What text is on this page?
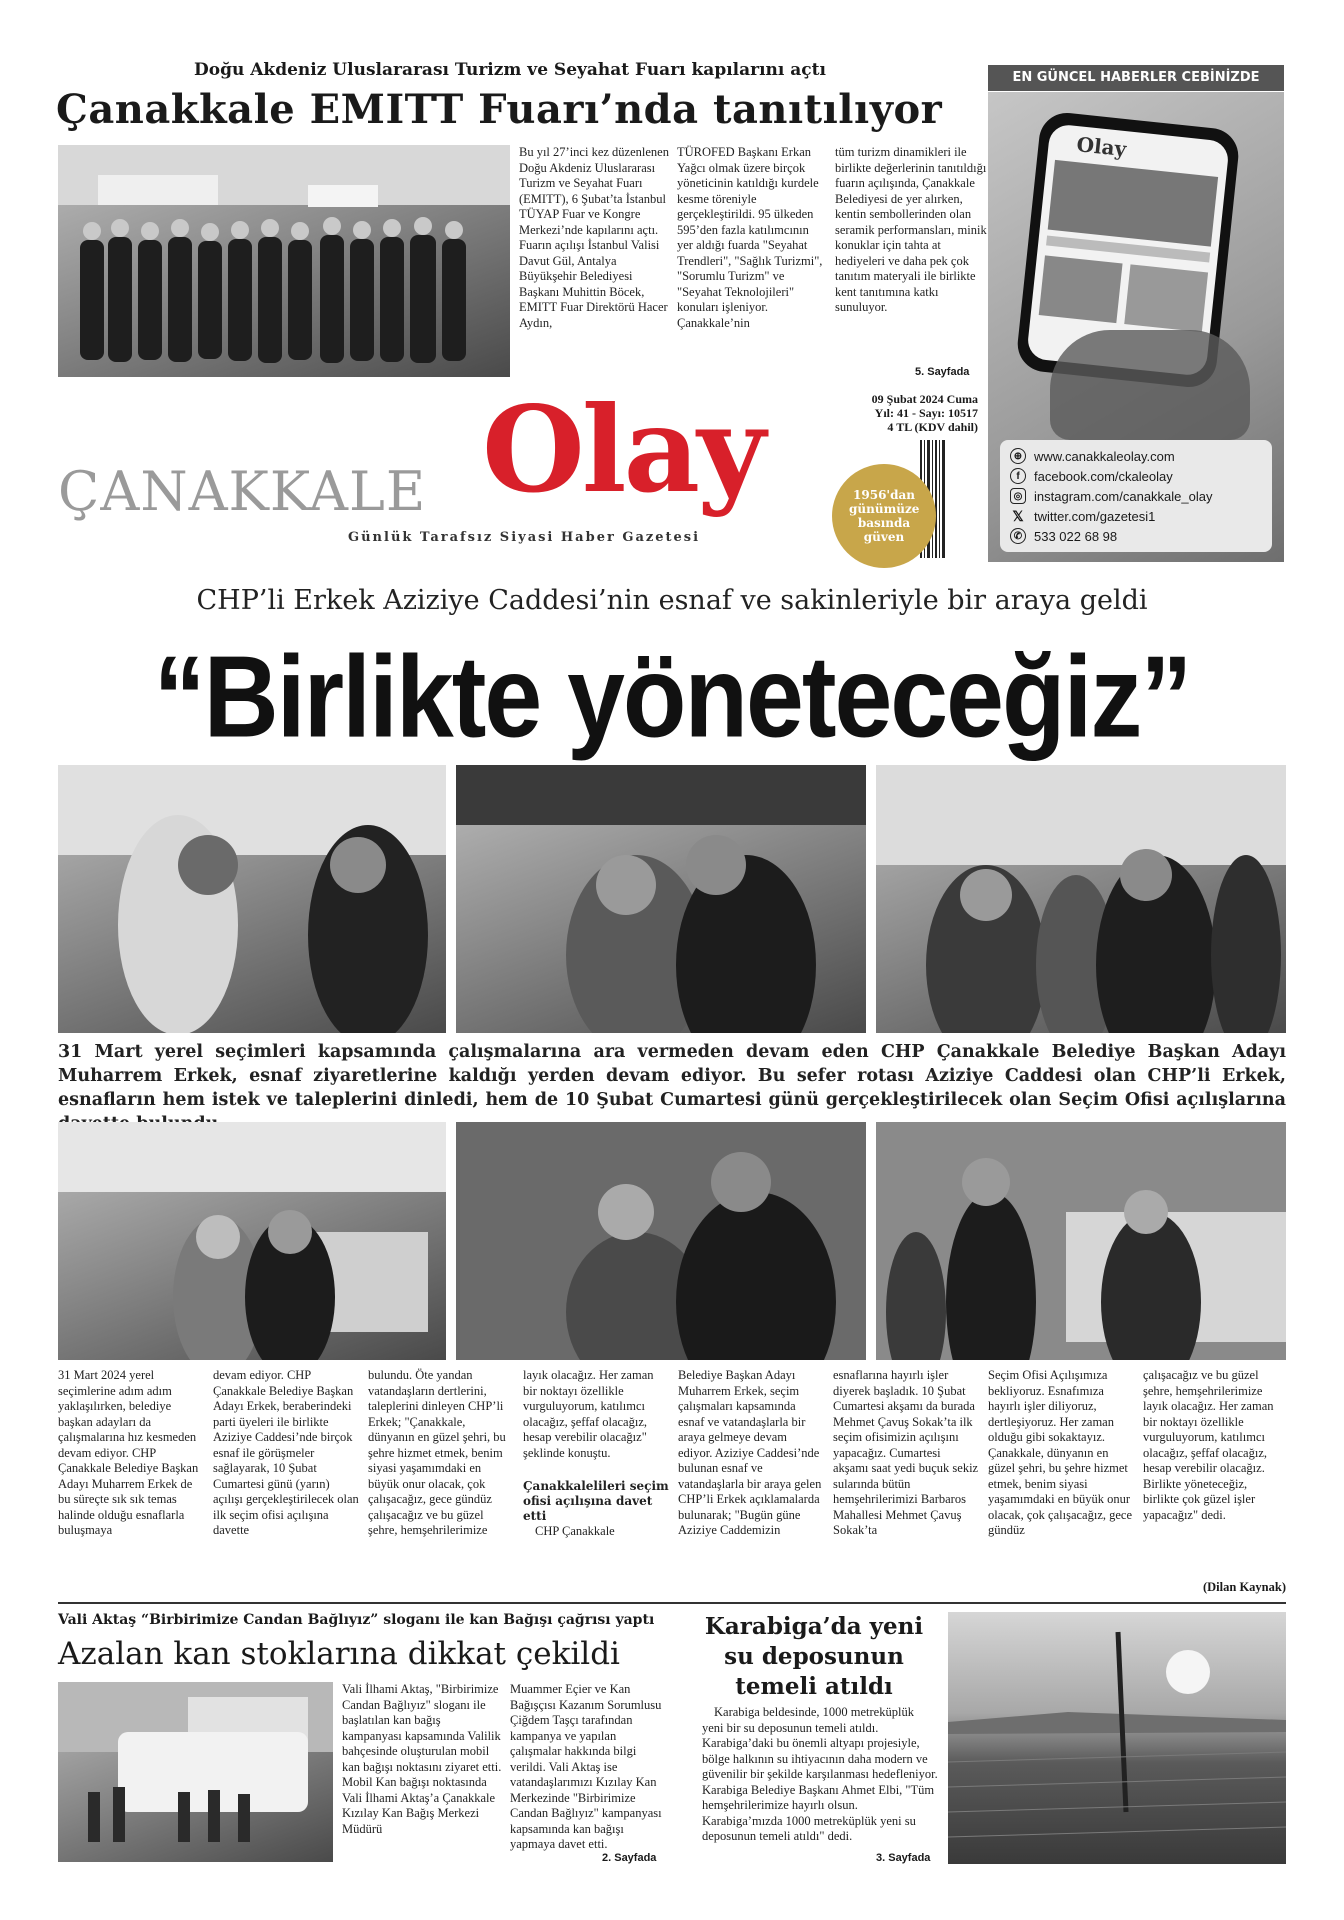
Doğu Akdeniz Uluslararası Turizm ve Seyahat Fuarı kapılarını açtı
Çanakkale EMITT Fuarı’nda tanıtılıyor
Bu yıl 27’inci kez düzenlenen Doğu Akdeniz Uluslararası Turizm ve Seyahat Fuarı (EMITT), 6 Şubat’ta İstanbul TÜYAP Fuar ve Kongre Merkezi’nde kapılarını açtı. Fuarın açılışı İstanbul Valisi Davut Gül, Antalya Büyükşehir Belediyesi Başkanı Muhittin Böcek, EMITT Fuar Direktörü Hacer Aydın,
TÜROFED Başkanı Erkan Yağcı olmak üzere birçok yöneticinin katıldığı kurdele kesme töreniyle gerçekleştirildi. 95 ülkeden 595’den fazla katılımcının yer aldığı fuarda "Seyahat Trendleri", "Sağlık Turizmi", "Sorumlu Turizm" ve "Seyahat Teknolojileri" konuları işleniyor. Çanakkale’nin
tüm turizm dinamikleri ile birlikte değerlerinin tanıtıldığı fuarın açılışında, Çanakkale Belediyesi de yer alırken, kentin sembollerinden olan seramik performansları, minik konuklar için tahta at hediyeleri ve daha pek çok tanıtım materyali ile birlikte kent tanıtımına katkı sunuluyor.
5. Sayfada
EN GÜNCEL HABERLER CEBİNİZDE
Olay
⊕ www.canakkaleolay.com
f	facebook.com/ckaleolay
◎ instagram.com/canakkale_olay
𝕏 twitter.com/gazetesi1
✆ 533 022 68 98
09 Şubat 2024 Cuma
Yıl: 41 - Sayı: 10517
4 TL (KDV dahil)
ÇANAKKALE Olay
Günlük Tarafsız Siyasi Haber Gazetesi
1956'dan günümüze basında güven
CHP’li Erkek Aziziye Caddesi’nin esnaf ve sakinleriyle bir araya geldi
“Birlikte yöneteceğiz”
31 Mart yerel seçimleri kapsamında çalışmalarına ara vermeden devam eden CHP Çanakkale Belediye Başkan Adayı Muharrem Erkek, esnaf ziyaretlerine kaldığı yerden devam ediyor. Bu sefer rotası Aziziye Caddesi olan CHP’li Erkek, esnafların hem istek ve taleplerini dinledi, hem de 10 Şubat Cumartesi günü gerçekleştirilecek olan Seçim Ofisi açılışlarına
31 Mart 2024 yerel seçimlerine adım adım yaklaşılırken, belediye başkan adayları da çalışmalarına hız kesmeden devam ediyor. CHP Çanakkale Belediye Başkan Adayı Muharrem Erkek de bu süreçte sık sık temas halinde olduğu esnaflarla buluşmaya
devam ediyor. CHP Çanakkale Belediye Başkan Adayı Erkek, beraberindeki parti üyeleri ile birlikte Aziziye Caddesi’nde birçok esnaf ile görüşmeler sağlayarak, 10 Şubat Cumartesi günü (yarın) açılışı gerçekleştirilecek olan ilk seçim ofisi açılışına davette
bulundu. Öte yandan vatandaşların dertlerini, taleplerini dinleyen CHP’li Erkek; "Çanakkale, dünyanın en güzel şehri, bu şehre hizmet etmek, benim siyasi yaşamımdaki en büyük onur olacak, çok çalışacağız, gece gündüz çalışacağız ve bu güzel şehre, hemşehrilerimize
layık olacağız. Her zaman bir noktayı özellikle vurguluyorum, katılımcı olacağız, şeffaf olacağız, hesap verebilir olacağız" şeklinde konuştu.
Çanakkalelileri seçim ofisi açılışına davet etti
CHP Çanakkale
Belediye Başkan Adayı Muharrem Erkek, seçim çalışmaları kapsamında esnaf ve vatandaşlarla bir araya gelmeye devam ediyor. Aziziye Caddesi’nde bulunan esnaf ve vatandaşlarla bir araya gelen CHP’li Erkek açıklamalarda bulunarak; "Bugün güne Aziziye Caddemizin
esnaflarına hayırlı işler diyerek başladık. 10 Şubat Cumartesi akşamı da burada Mehmet Çavuş Sokak’ta ilk seçim ofisimizin açılışını yapacağız. Cumartesi akşamı saat yedi buçuk sekiz sularında bütün hemşehrilerimizi Barbaros Mahallesi Mehmet Çavuş Sokak’ta
Seçim Ofisi Açılışımıza bekliyoruz. Esnafımıza hayırlı işler diliyoruz, dertleşiyoruz. Her zaman olduğu gibi sokaktayız. Çanakkale, dünyanın en güzel şehri, bu şehre hizmet etmek, benim siyasi yaşamımdaki en büyük onur olacak, çok çalışacağız, gece gündüz
çalışacağız ve bu güzel şehre, hemşehrilerimize layık olacağız. Her zaman bir noktayı özellikle vurguluyorum, katılımcı olacağız, şeffaf olacağız, hesap verebilir olacağız. Birlikte yöneteceğiz, birlikte çok güzel işler yapacağız" dedi.
(Dilan Kaynak)
Vali Aktaş “Birbirimize Candan Bağlıyız” sloganı ile kan Bağışı çağrısı yaptı
Azalan kan stoklarına dikkat çekildi
Vali İlhami Aktaş, "Birbirimize Candan Bağlıyız" sloganı ile başlatılan kan bağış kampanyası kapsamında Valilik bahçesinde oluşturulan mobil kan bağışı noktasını ziyaret etti. Mobil Kan bağışı noktasında Vali İlhami Aktaş’a Çanakkale Kızılay Kan Bağış Merkezi Müdürü
Muammer Eçier ve Kan Bağışçısı Kazanım Sorumlusu Çiğdem Taşçı tarafından kampanya ve yapılan çalışmalar hakkında bilgi verildi. Vali Aktaş ise vatandaşlarımızı Kızılay Kan Merkezinde "Birbirimize Candan Bağlıyız" kampanyası kapsamında kan bağışı yapmaya davet etti.
2. Sayfada
Karabiga’da yeni su deposunun temeli atıldı
Karabiga beldesinde, 1000 metreküplük yeni bir su deposunun temeli atıldı. Karabiga’daki bu önemli altyapı projesiyle, bölge halkının su ihtiyacının daha modern ve güvenilir bir şekilde karşılanması hedefleniyor. Karabiga Belediye Başkanı Ahmet Elbi, "Tüm hemşehrilerimize hayırlı olsun. Karabiga’mızda 1000 metreküplük yeni su deposunun temeli atıldı" dedi.
3. Sayfada
